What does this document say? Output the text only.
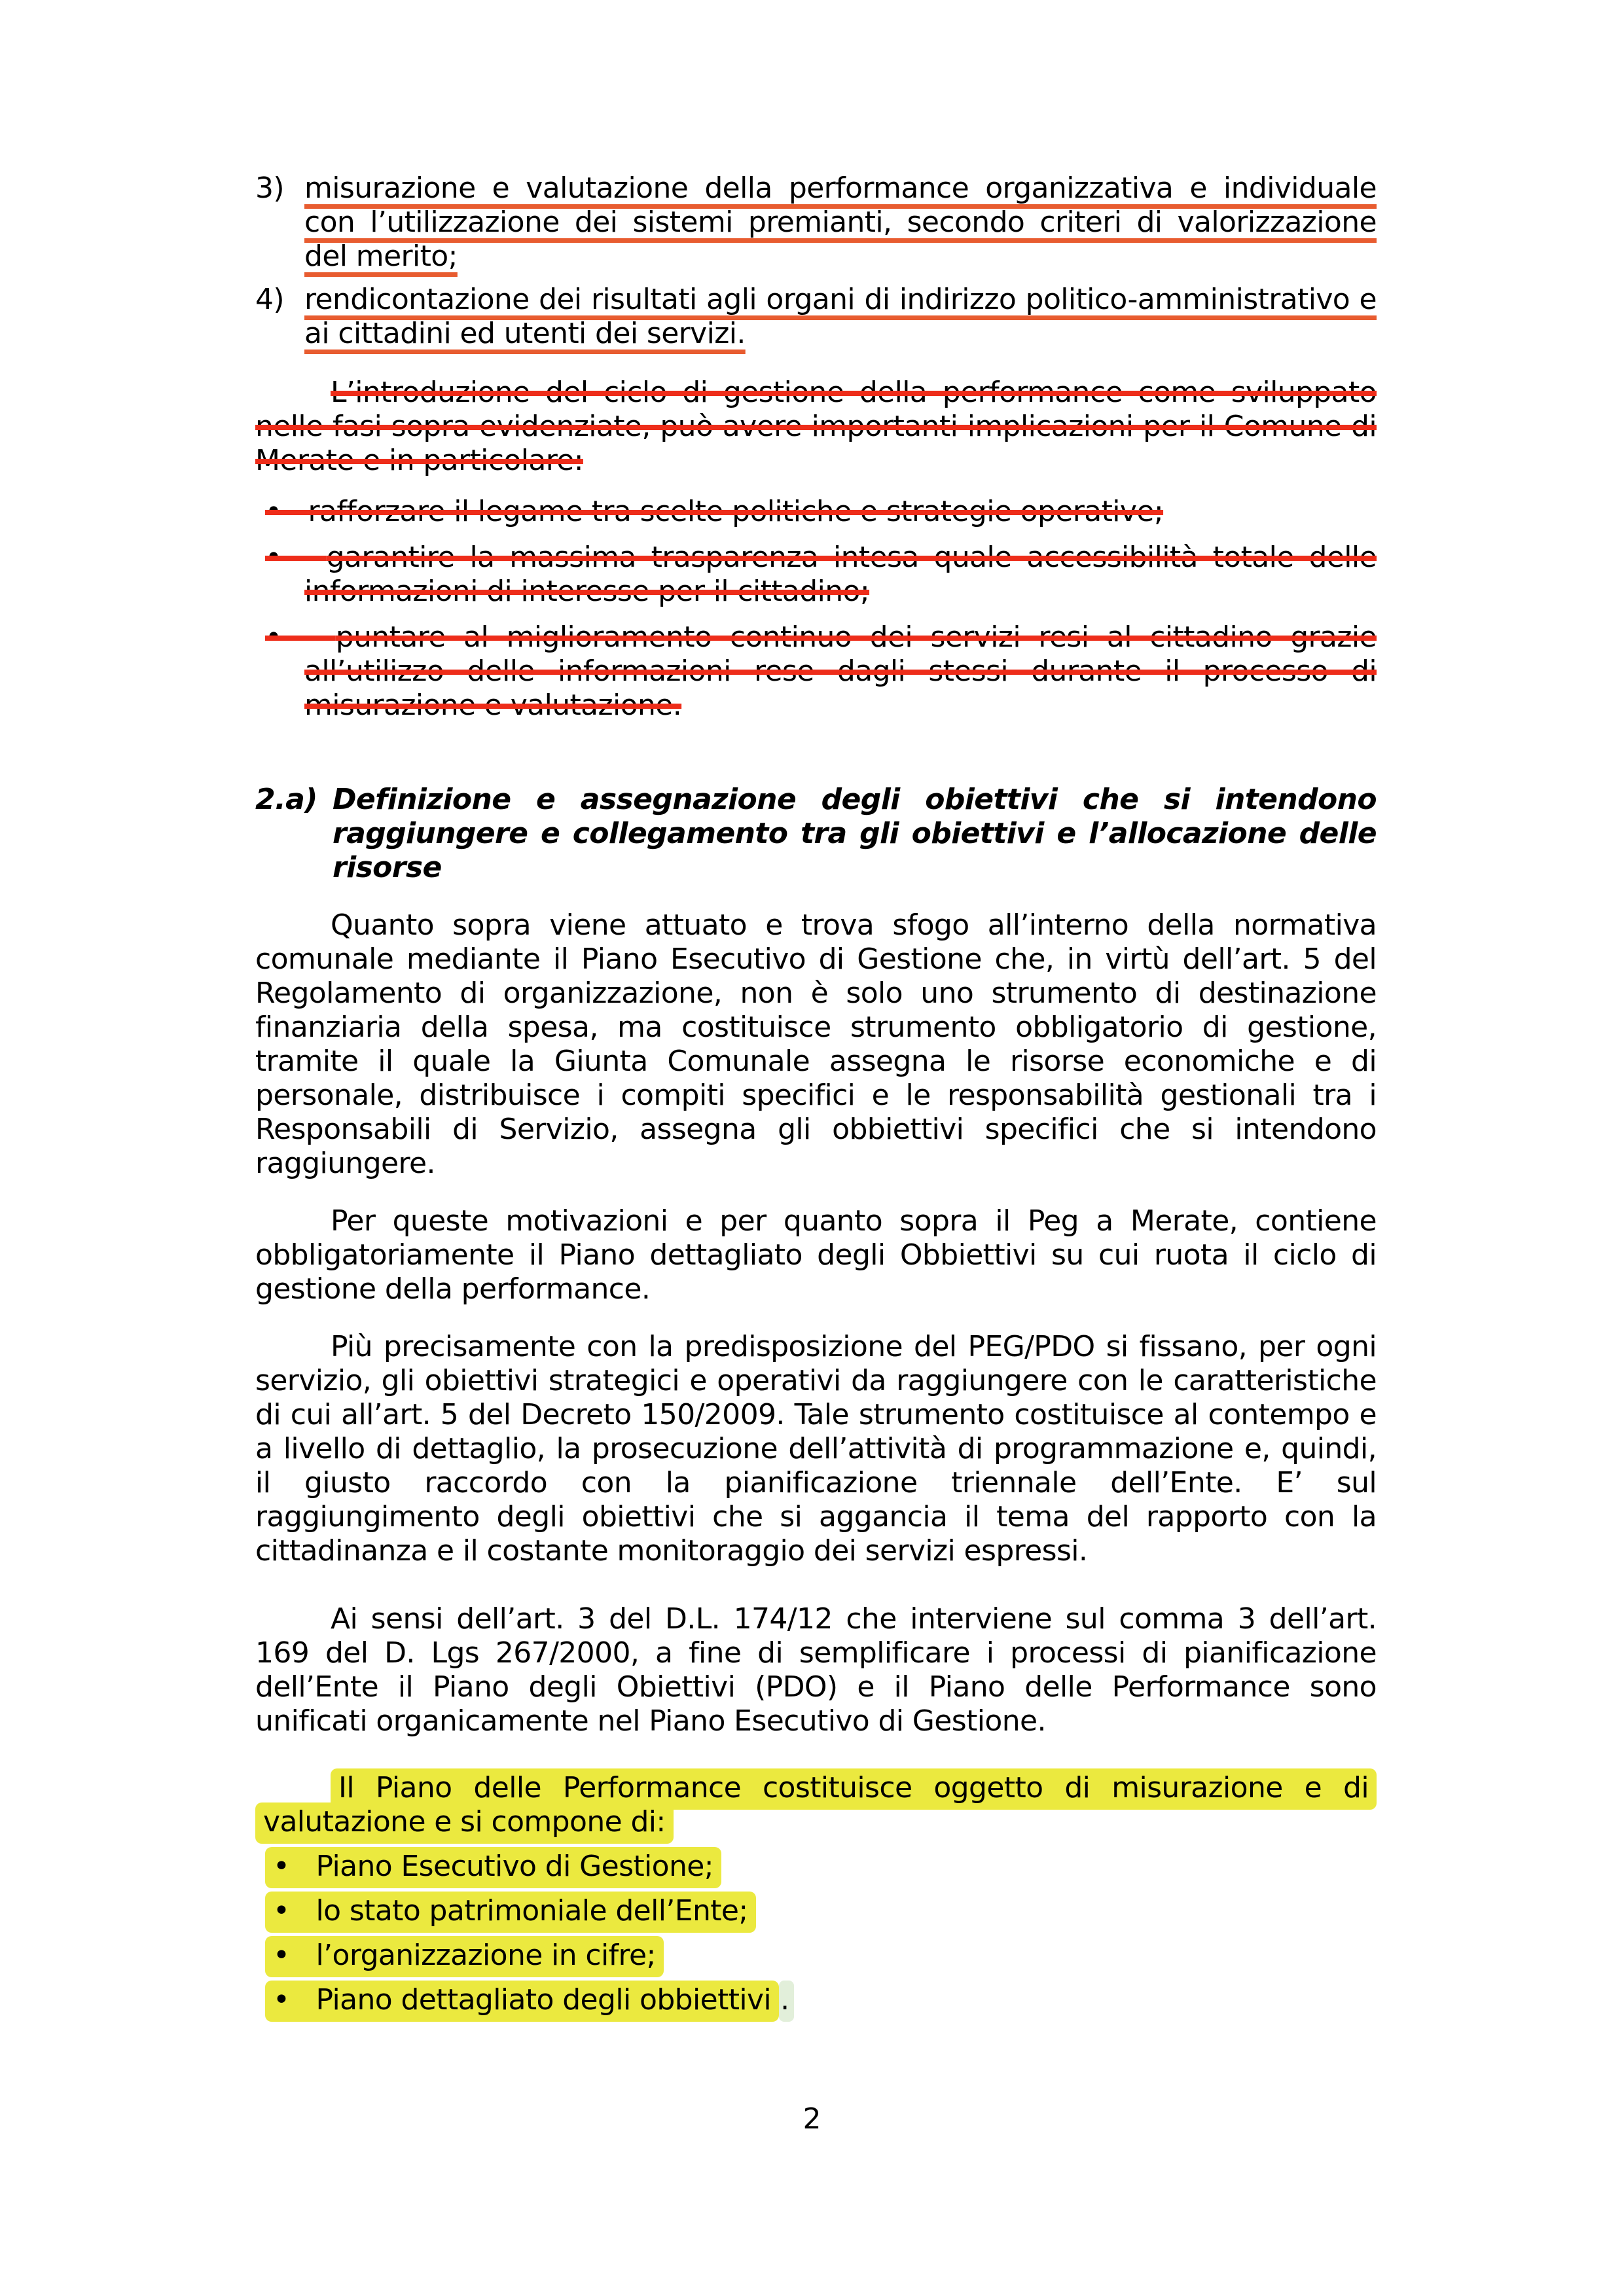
3) misurazione e valutazione della performance organizzativa e individuale con l’utilizzazione dei sistemi premianti, secondo criteri di valorizzazione del merito;
4) rendicontazione dei risultati agli organi di indirizzo politico-amministrativo e ai cittadini ed utenti dei servizi.

L’introduzione del ciclo di gestione della performance come sviluppato nelle fasi sopra evidenziate, può avere importanti implicazioni per il Comune di Merate e in particolare:

•   rafforzare il legame tra scelte politiche e strategie operative;
•   garantire la massima trasparenza intesa quale accessibilità totale delle informazioni di interesse per il cittadino;
•   puntare al miglioramento continuo dei servizi resi al cittadino grazie all’utilizzo delle informazioni rese dagli stessi durante il processo di misurazione e valutazione.

2.a) Definizione e assegnazione degli obiettivi che si intendono raggiungere e collegamento tra gli obiettivi e l’allocazione delle risorse

Quanto sopra viene attuato e trova sfogo all’interno della normativa comunale mediante il Piano Esecutivo di Gestione che, in virtù dell’art. 5 del Regolamento di organizzazione, non è solo uno strumento di destinazione finanziaria della spesa, ma costituisce strumento obbligatorio di gestione, tramite il quale la Giunta Comunale assegna le risorse economiche e di personale, distribuisce i compiti specifici e le responsabilità gestionali tra i Responsabili di Servizio, assegna gli obbiettivi specifici che si intendono raggiungere.

Per queste motivazioni e per quanto sopra il Peg a Merate, contiene obbligatoriamente il Piano dettagliato degli Obbiettivi su cui ruota il ciclo di gestione della performance.

Più precisamente con la predisposizione del PEG/PDO si fissano, per ogni servizio, gli obiettivi strategici e operativi da raggiungere con le caratteristiche di cui all’art. 5 del Decreto 150/2009. Tale strumento costituisce al contempo e a livello di dettaglio, la prosecuzione dell’attività di programmazione e, quindi, il giusto raccordo con la pianificazione triennale dell’Ente. E’ sul raggiungimento degli obiettivi che si aggancia il tema del rapporto con la cittadinanza e il costante monitoraggio dei servizi espressi.

Ai sensi dell’art. 3 del D.L. 174/12 che interviene sul comma 3 dell’art. 169 del D. Lgs 267/2000, a fine di semplificare i processi di pianificazione dell’Ente il Piano degli Obiettivi (PDO) e il Piano delle Performance sono unificati organicamente nel Piano Esecutivo di Gestione.

Il Piano delle Performance costituisce oggetto di misurazione e di valutazione e si compone di:

•   Piano Esecutivo di Gestione;
•   lo stato patrimoniale dell’Ente;
•   l’organizzazione in cifre;
•   Piano dettagliato degli obbiettivi .
2
